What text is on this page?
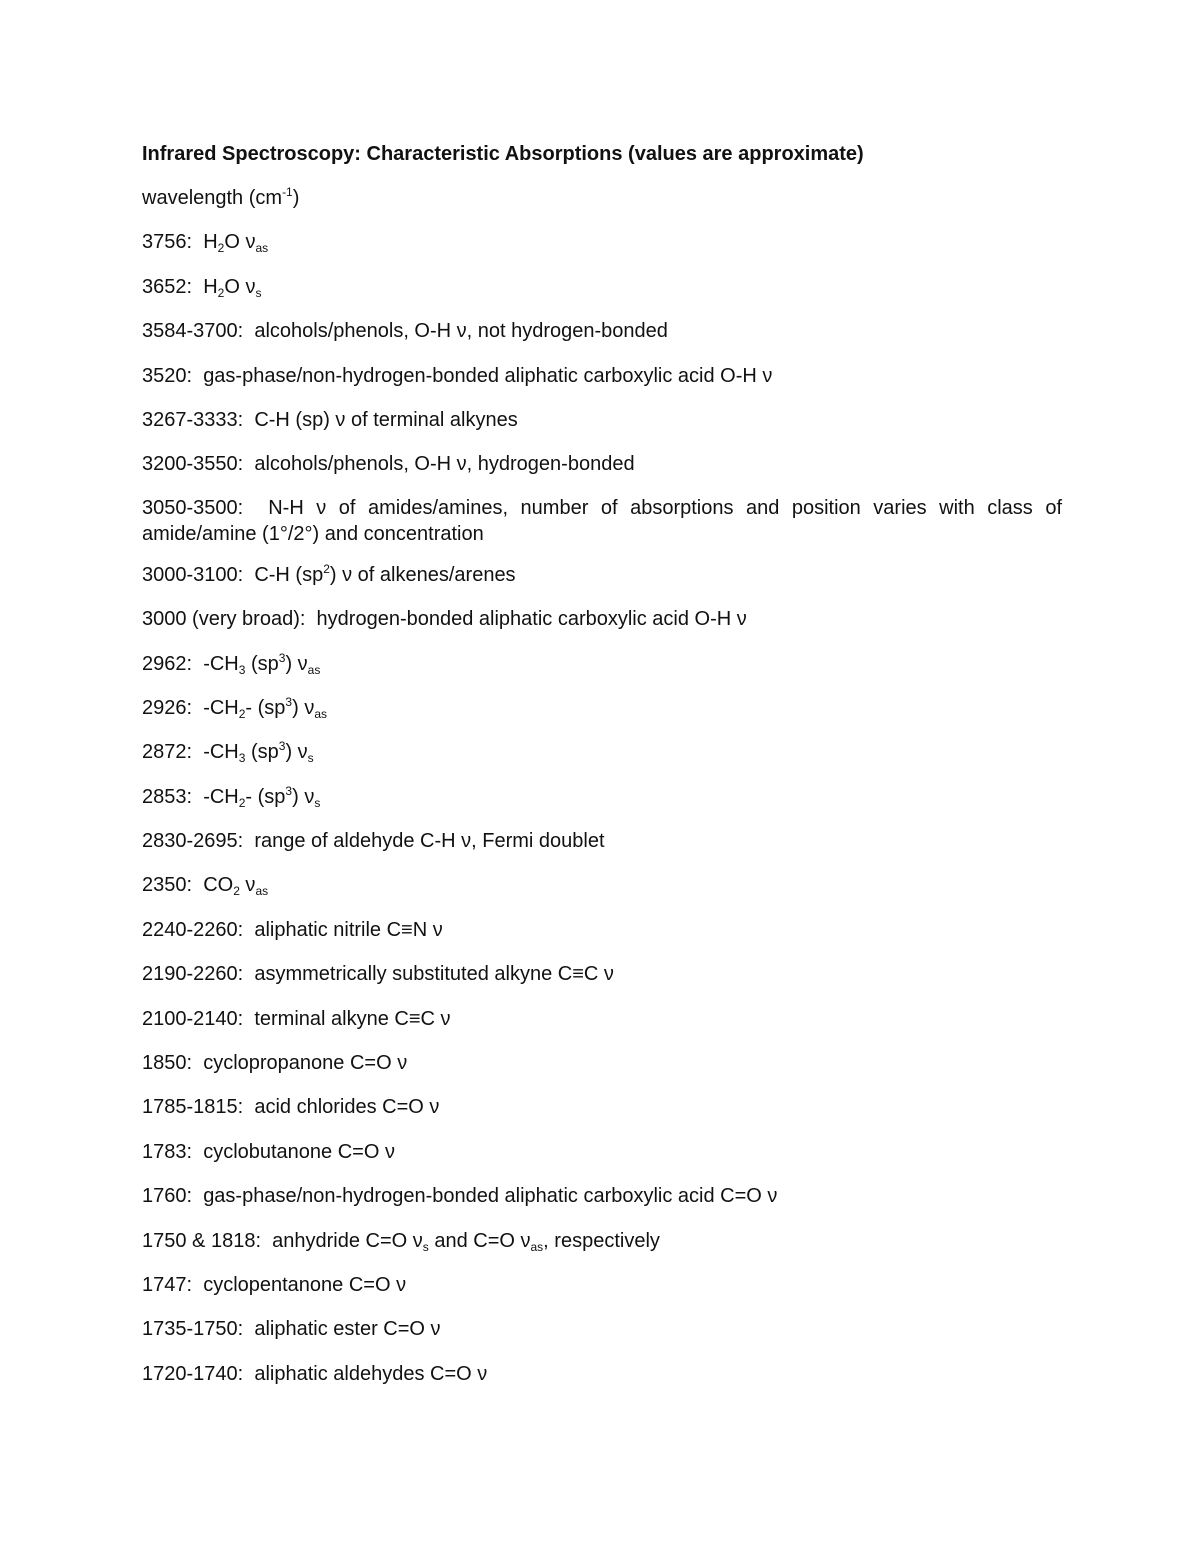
Infrared Spectroscopy: Characteristic Absorptions (values are approximate)
wavelength $(cm^{-1})$
3756: $H_2O$ $\nu_{as}$
3652: $H_2O$ $\nu_s$
3584-3700: alcohols/phenols, O-H ν, not hydrogen-bonded
3520: gas-phase/non-hydrogen-bonded aliphatic carboxylic acid O-H ν
3267-3333: C-H (sp) ν of terminal alkynes
3200-3550: alcohols/phenols, O-H ν, hydrogen-bonded
3050-3500:  N-H ν of amides/amines, number of absorptions and position varies with class of amide/amine (1°/2°) and concentration
3000-3100: C-H $(sp^2)$ ν of alkenes/arenes
3000 (very broad): hydrogen-bonded aliphatic carboxylic acid O-H ν
2962: $-CH_3$ $(sp^3)$ $\nu_{as}$
2926: $-CH_2-$ $(sp^3)$ $\nu_{as}$
2872: $-CH_3$ $(sp^3)$ $\nu_s$
2853: $-CH_2-$ $(sp^3)$ $\nu_s$
2830-2695: range of aldehyde C-H ν, Fermi doublet
2350: $CO_2$ $\nu_{as}$
2240-2260: aliphatic nitrile C≡N ν
2190-2260: asymmetrically substituted alkyne C≡C ν
2100-2140: terminal alkyne C≡C ν
1850: cyclopropanone C=O ν
1785-1815: acid chlorides C=O ν
1783: cyclobutanone C=O ν
1760: gas-phase/non-hydrogen-bonded aliphatic carboxylic acid C=O ν
1750 & 1818: anhydride C=O $\nu_s$ and C=O $\nu_{as}$, respectively
1747: cyclopentanone C=O ν
1735-1750: aliphatic ester C=O ν
1720-1740: aliphatic aldehydes C=O ν
